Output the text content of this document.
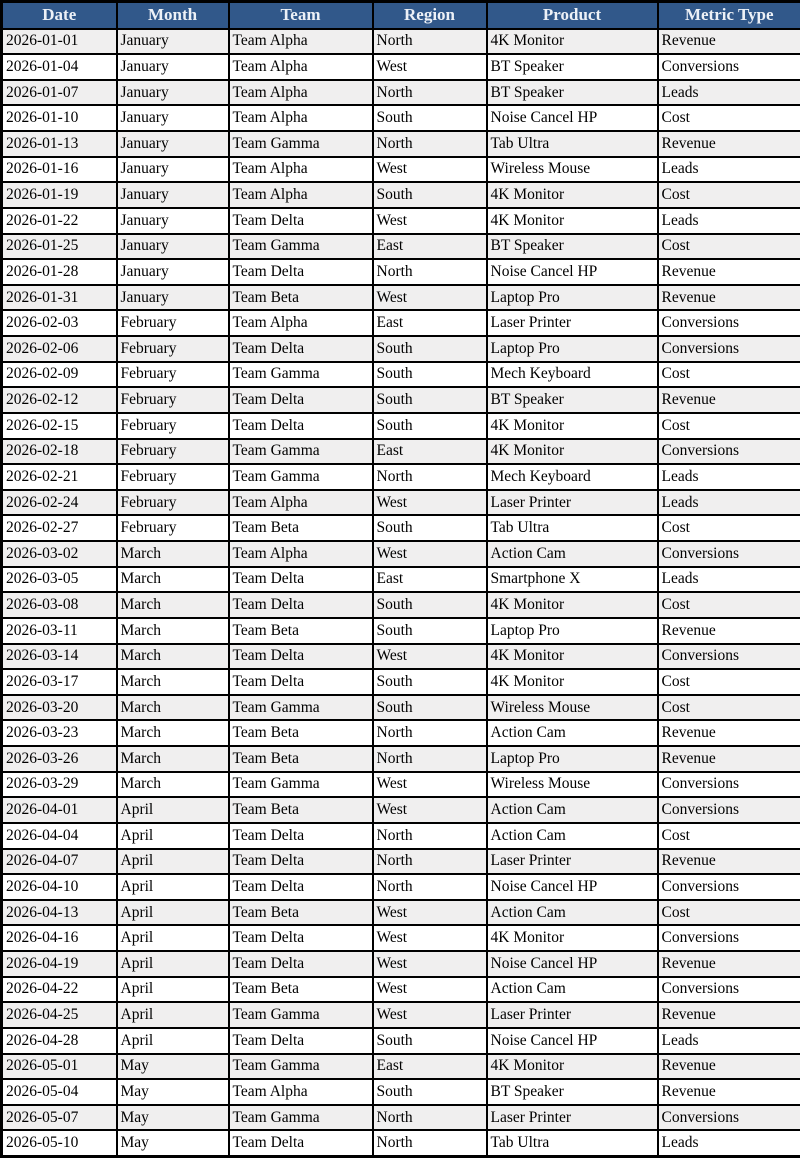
Date	Month	Team	Region	Product	Metric Type
2026-01-01	January	Team Alpha	North	4K Monitor	Revenue
2026-01-04	January	Team Alpha	West	BT Speaker	Conversions
2026-01-07	January	Team Alpha	North	BT Speaker	Leads
2026-01-10	January	Team Alpha	South	Noise Cancel HP	Cost
2026-01-13	January	Team Gamma	North	Tab Ultra	Revenue
2026-01-16	January	Team Alpha	West	Wireless Mouse	Leads
2026-01-19	January	Team Alpha	South	4K Monitor	Cost
2026-01-22	January	Team Delta	West	4K Monitor	Leads
2026-01-25	January	Team Gamma	East	BT Speaker	Cost
2026-01-28	January	Team Delta	North	Noise Cancel HP	Revenue
2026-01-31	January	Team Beta	West	Laptop Pro	Revenue
2026-02-03	February	Team Alpha	East	Laser Printer	Conversions
2026-02-06	February	Team Delta	South	Laptop Pro	Conversions
2026-02-09	February	Team Gamma	South	Mech Keyboard	Cost
2026-02-12	February	Team Delta	South	BT Speaker	Revenue
2026-02-15	February	Team Delta	South	4K Monitor	Cost
2026-02-18	February	Team Gamma	East	4K Monitor	Conversions
2026-02-21	February	Team Gamma	North	Mech Keyboard	Leads
2026-02-24	February	Team Alpha	West	Laser Printer	Leads
2026-02-27	February	Team Beta	South	Tab Ultra	Cost
2026-03-02	March	Team Alpha	West	Action Cam	Conversions
2026-03-05	March	Team Delta	East	Smartphone X	Leads
2026-03-08	March	Team Delta	South	4K Monitor	Cost
2026-03-11	March	Team Beta	South	Laptop Pro	Revenue
2026-03-14	March	Team Delta	West	4K Monitor	Conversions
2026-03-17	March	Team Delta	South	4K Monitor	Cost
2026-03-20	March	Team Gamma	South	Wireless Mouse	Cost
2026-03-23	March	Team Beta	North	Action Cam	Revenue
2026-03-26	March	Team Beta	North	Laptop Pro	Revenue
2026-03-29	March	Team Gamma	West	Wireless Mouse	Conversions
2026-04-01	April	Team Beta	West	Action Cam	Conversions
2026-04-04	April	Team Delta	North	Action Cam	Cost
2026-04-07	April	Team Delta	North	Laser Printer	Revenue
2026-04-10	April	Team Delta	North	Noise Cancel HP	Conversions
2026-04-13	April	Team Beta	West	Action Cam	Cost
2026-04-16	April	Team Delta	West	4K Monitor	Conversions
2026-04-19	April	Team Delta	West	Noise Cancel HP	Revenue
2026-04-22	April	Team Beta	West	Action Cam	Conversions
2026-04-25	April	Team Gamma	West	Laser Printer	Revenue
2026-04-28	April	Team Delta	South	Noise Cancel HP	Leads
2026-05-01	May	Team Gamma	East	4K Monitor	Revenue
2026-05-04	May	Team Alpha	South	BT Speaker	Revenue
2026-05-07	May	Team Gamma	North	Laser Printer	Conversions
2026-05-10	May	Team Delta	North	Tab Ultra	Leads
